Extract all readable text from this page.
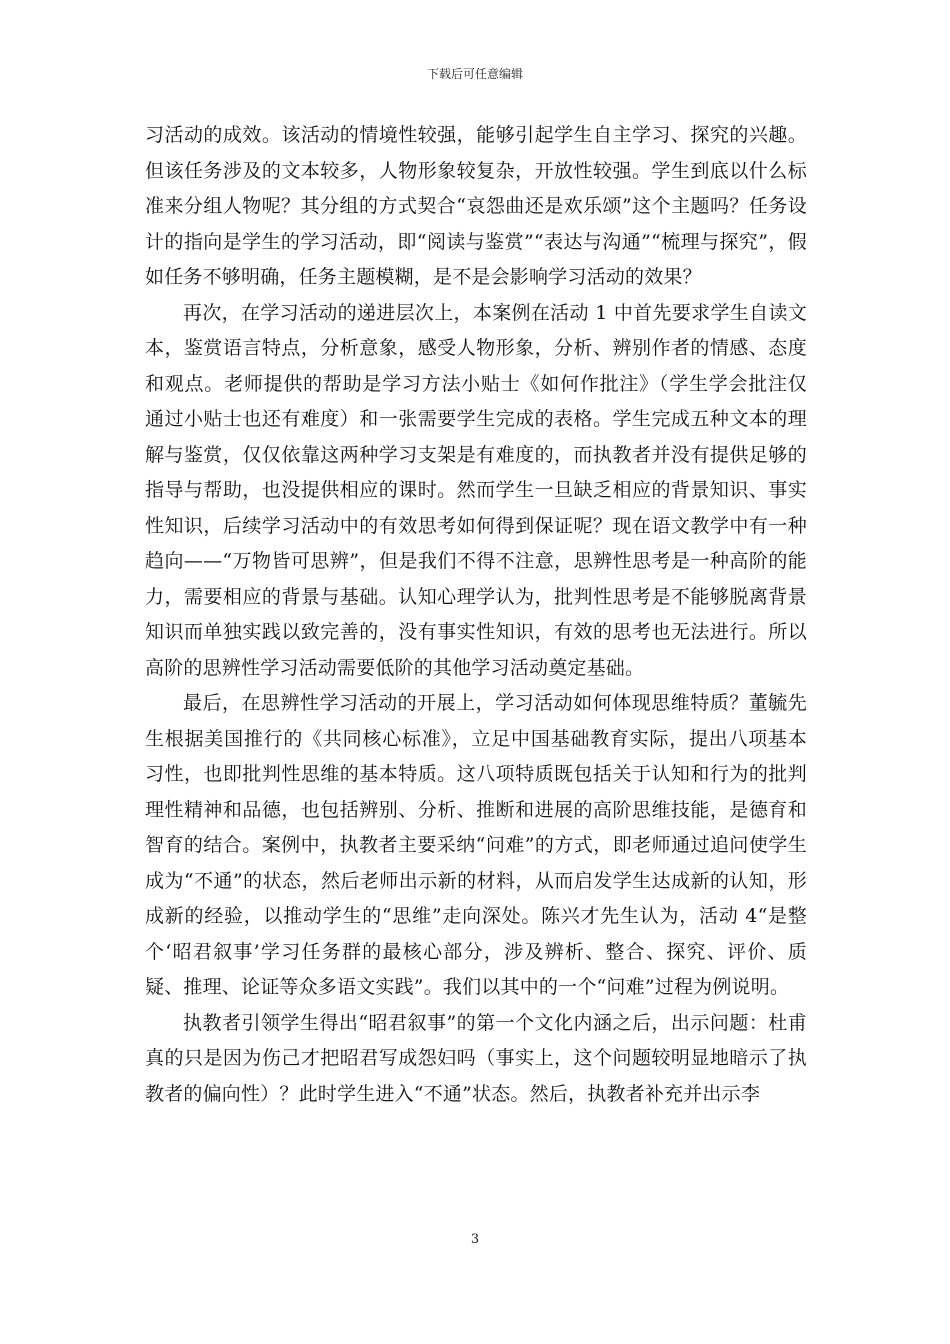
下载后可任意编辑

习活动的成效。该活动的情境性较强，能够引起学生自主学习、探究的兴趣。但该任务涉及的文本较多，人物形象较复杂，开放性较强。学生到底以什么标准来分组人物呢？其分组的方式契合“哀怨曲还是欢乐颂”这个主题吗？任务设计的指向是学生的学习活动，即“阅读与鉴赏”“表达与沟通”“梳理与探究”，假如任务不够明确，任务主题模糊，是不是会影响学习活动的效果？

再次，在学习活动的递进层次上，本案例在活动 1 中首先要求学生自读文本，鉴赏语言特点，分析意象，感受人物形象，分析、辨别作者的情感、态度和观点。老师提供的帮助是学习方法小贴士《如何作批注》（学生学会批注仅通过小贴士也还有难度）和一张需要学生完成的表格。学生完成五种文本的理解与鉴赏，仅仅依靠这两种学习支架是有难度的，而执教者并没有提供足够的指导与帮助，也没提供相应的课时。然而学生一旦缺乏相应的背景知识、事实性知识，后续学习活动中的有效思考如何得到保证呢？现在语文教学中有一种趋向——“万物皆可思辨”，但是我们不得不注意，思辨性思考是一种高阶的能力，需要相应的背景与基础。认知心理学认为，批判性思考是不能够脱离背景知识而单独实践以致完善的，没有事实性知识，有效的思考也无法进行。所以高阶的思辨性学习活动需要低阶的其他学习活动奠定基础。

最后，在思辨性学习活动的开展上，学习活动如何体现思维特质？董毓先生根据美国推行的《共同核心标准》，立足中国基础教育实际，提出八项基本习性，也即批判性思维的基本特质。这八项特质既包括关于认知和行为的批判理性精神和品德，也包括辨别、分析、推断和进展的高阶思维技能，是德育和智育的结合。案例中，执教者主要采纳“问难”的方式，即老师通过追问使学生成为“不通”的状态，然后老师出示新的材料，从而启发学生达成新的认知，形成新的经验，以推动学生的“思维”走向深处。陈兴才先生认为，活动 4“是整个‘昭君叙事’学习任务群的最核心部分，涉及辨析、整合、探究、评价、质疑、推理、论证等众多语文实践”。我们以其中的一个“问难”过程为例说明。

执教者引领学生得出“昭君叙事”的第一个文化内涵之后，出示问题：杜甫真的只是因为伤己才把昭君写成怨妇吗（事实上，这个问题较明显地暗示了执教者的偏向性）？此时学生进入“不通”状态。然后，执教者补充并出示李

3
